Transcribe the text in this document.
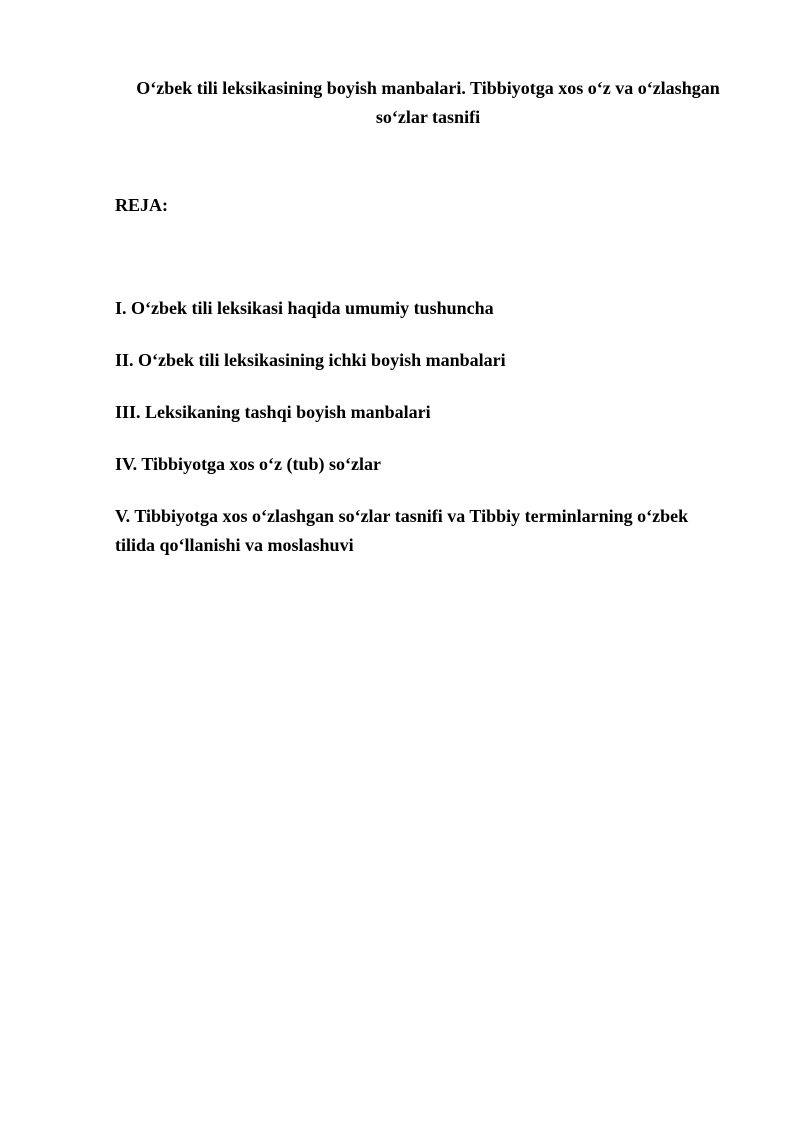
O‘zbek tili leksikasining boyish manbalari. Tibbiyotga xos o‘z va o‘zlashgan
so‘zlar tasnifi
REJA:
I. O‘zbek tili leksikasi haqida umumiy tushuncha
II. O‘zbek tili leksikasining ichki boyish manbalari
III. Leksikaning tashqi boyish manbalari
IV. Tibbiyotga xos o‘z (tub) so‘zlar
V. Tibbiyotga xos o‘zlashgan so‘zlar tasnifi va Tibbiy terminlarning o‘zbek
tilida qo‘llanishi va moslashuvi
